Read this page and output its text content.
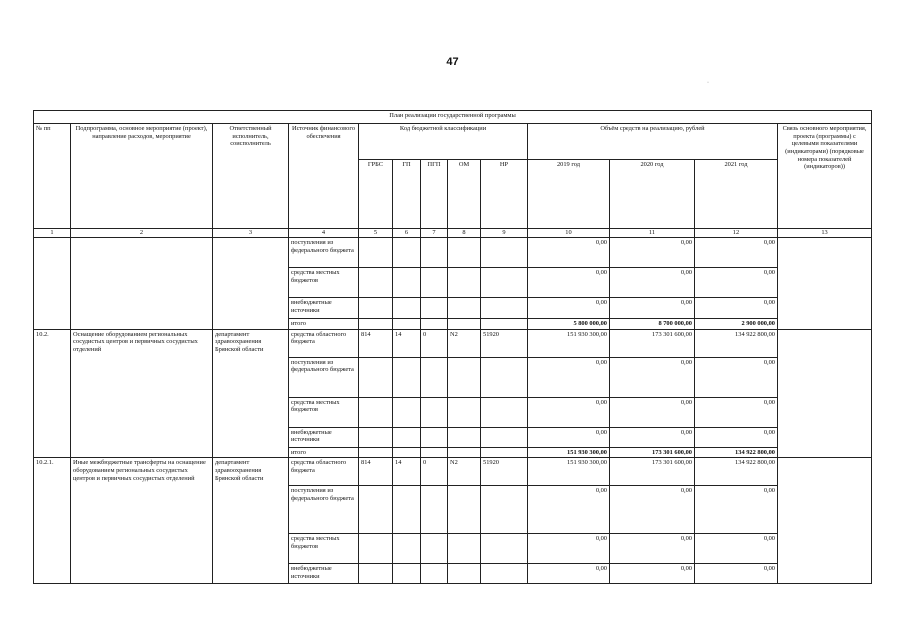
47
·
План реализации государственной программы												
№ пп	Подпрограмма, основное мероприятие (проект), направление расходов, мероприятие	Ответственный исполнитель, соисполнитель	Источник финансового обеспечения	Код бюджетной классификации					Объём средств на реализацию, рублей			Связь основного мероприятия, проекта (программы) с целевыми показателями (индикаторами) (порядковые номера показателей (индикаторов))
				ГРБС	ГП	ПГП	ОМ	НР	2019 год	2020 год	2021 год	
1	2	3	4	5	6	7	8	9	10	11	12	13
			поступления из федерального бюджета						0,00	0,00	0,00	
			средства местных бюджетов						0,00	0,00	0,00	
			внебюджетные источники						0,00	0,00	0,00	
			итого						5 800 000,00	8 700 000,00	2 900 000,00	
10.2.	Оснащение оборудованием региональных сосудистых центров и первичных сосудистых отделений	департамент здравоохранения Брянской области	средства областного бюджета	814	14	0	N2	51920	151 930 300,00	173 301 600,00	134 922 800,00	
			поступления из федерального бюджета						0,00	0,00	0,00	
			средства местных бюджетов						0,00	0,00	0,00	
			внебюджетные источники						0,00	0,00	0,00	
			итого						151 930 300,00	173 301 600,00	134 922 800,00	
10.2.1.	Иные межбюджетные трансферты на оснащение оборудованием региональных сосудистых центров и первичных сосудистых отделений	департамент здравоохранения Брянской области	средства областного бюджета	814	14	0	N2	51920	151 930 300,00	173 301 600,00	134 922 800,00	
			поступления из федерального бюджета						0,00	0,00	0,00	
			средства местных бюджетов						0,00	0,00	0,00	
			внебюджетные источники						0,00	0,00	0,00	
